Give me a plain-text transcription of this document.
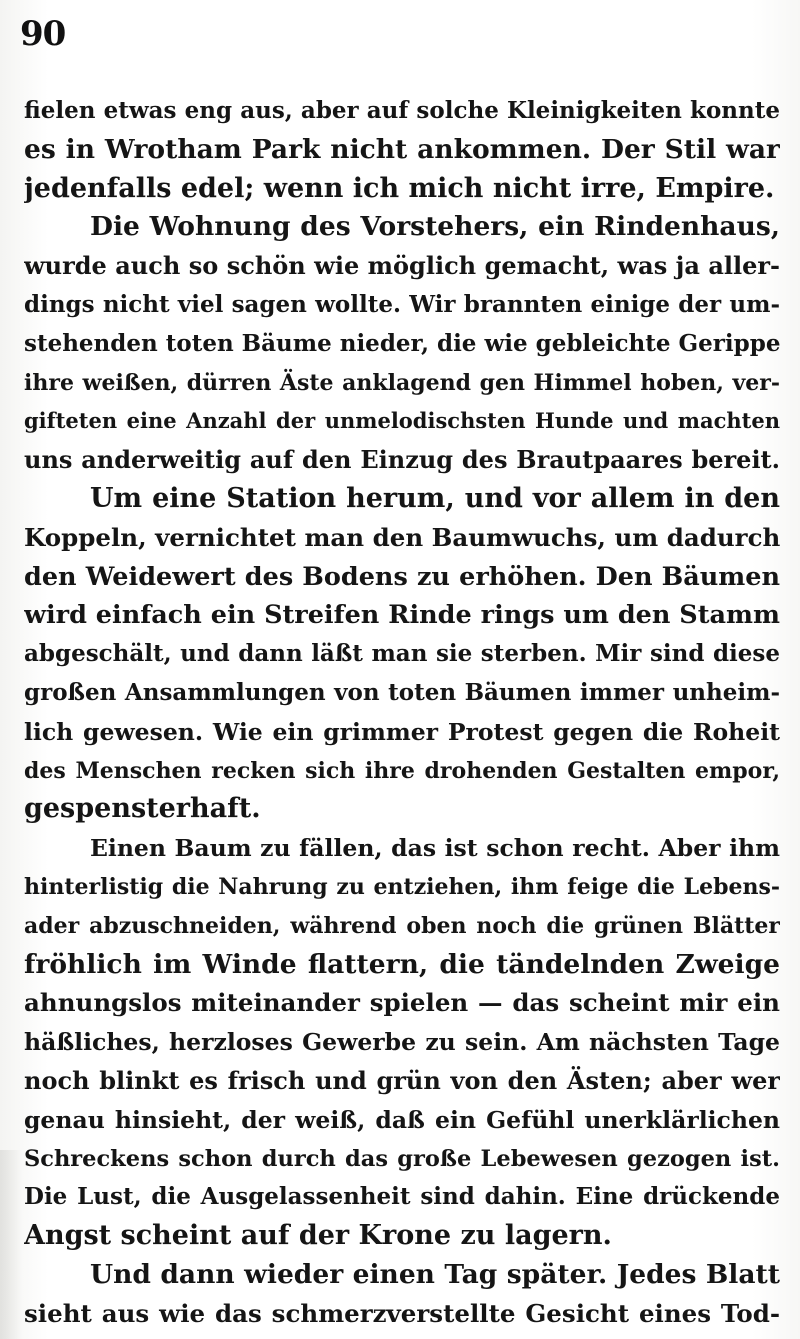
90
fielen etwas eng aus, aber auf solche Kleinigkeiten konnte
es in Wrotham Park nicht ankommen. Der Stil war
jedenfalls edel; wenn ich mich nicht irre, Empire.
Die Wohnung des Vorstehers, ein Rindenhaus,
wurde auch so schön wie möglich gemacht, was ja aller-
dings nicht viel sagen wollte. Wir brannten einige der um-
stehenden toten Bäume nieder, die wie gebleichte Gerippe
ihre weißen, dürren Äste anklagend gen Himmel hoben, ver-
gifteten eine Anzahl der unmelodischsten Hunde und machten
uns anderweitig auf den Einzug des Brautpaares bereit.
Um eine Station herum, und vor allem in den
Koppeln, vernichtet man den Baumwuchs, um dadurch
den Weidewert des Bodens zu erhöhen. Den Bäumen
wird einfach ein Streifen Rinde rings um den Stamm
abgeschält, und dann läßt man sie sterben. Mir sind diese
großen Ansammlungen von toten Bäumen immer unheim-
lich gewesen. Wie ein grimmer Protest gegen die Roheit
des Menschen recken sich ihre drohenden Gestalten empor,
gespensterhaft.
Einen Baum zu fällen, das ist schon recht. Aber ihm
hinterlistig die Nahrung zu entziehen, ihm feige die Lebens-
ader abzuschneiden, während oben noch die grünen Blätter
fröhlich im Winde flattern, die tändelnden Zweige
ahnungslos miteinander spielen — das scheint mir ein
häßliches, herzloses Gewerbe zu sein. Am nächsten Tage
noch blinkt es frisch und grün von den Ästen; aber wer
genau hinsieht, der weiß, daß ein Gefühl unerklärlichen
Schreckens schon durch das große Lebewesen gezogen ist.
Die Lust, die Ausgelassenheit sind dahin. Eine drückende
Angst scheint auf der Krone zu lagern.
Und dann wieder einen Tag später. Jedes Blatt
sieht aus wie das schmerzverstellte Gesicht eines Tod-
